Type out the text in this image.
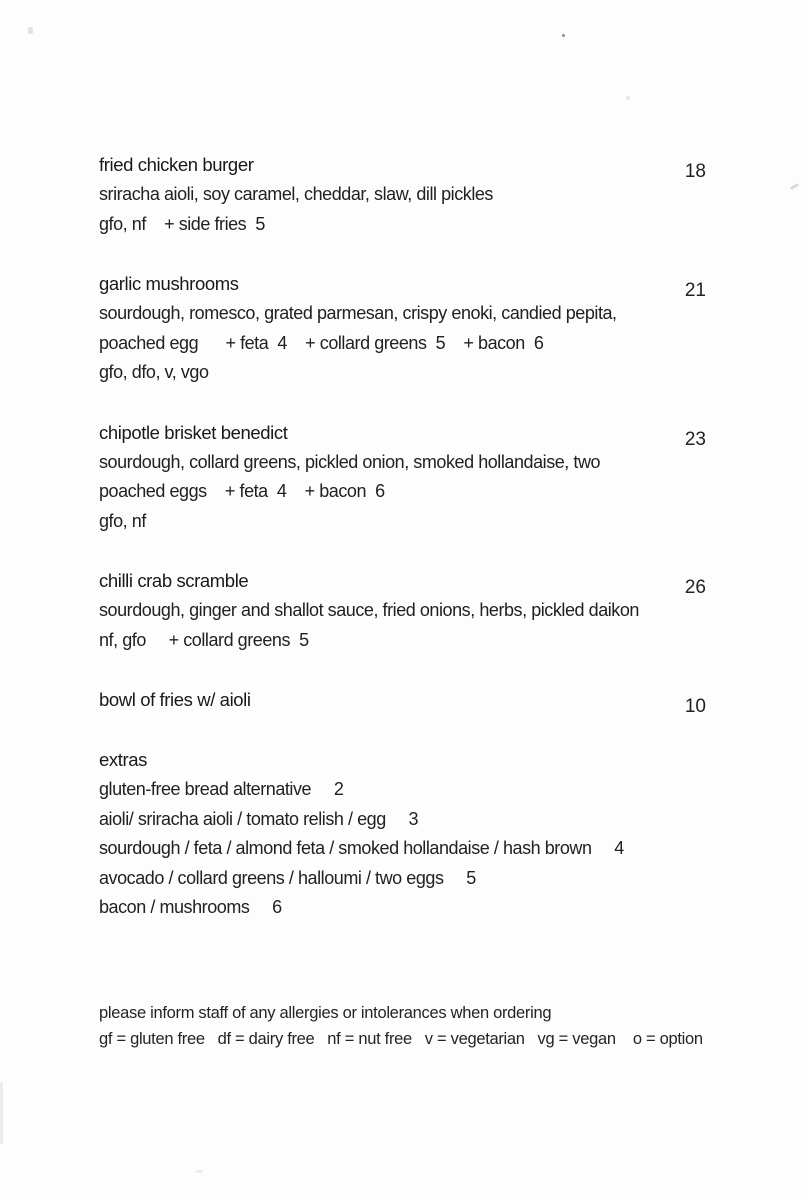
fried chicken burger	18
sriracha aioli, soy caramel, cheddar, slaw, dill pickles
gfo, nf    + side fries  5
garlic mushrooms	21
sourdough, romesco, grated parmesan, crispy enoki, candied pepita,
poached egg      + feta  4    + collard greens  5    + bacon  6
gfo, dfo, v, vgo
chipotle brisket benedict	23
sourdough, collard greens, pickled onion, smoked hollandaise, two
poached eggs    + feta  4    + bacon  6
gfo, nf
chilli crab scramble	26
sourdough, ginger and shallot sauce, fried onions, herbs, pickled daikon
nf, gfo     + collard greens  5
bowl of fries w/ aioli	10
extras
gluten-free bread alternative     2
aioli/ sriracha aioli / tomato relish / egg     3
sourdough / feta / almond feta / smoked hollandaise / hash brown     4
avocado / collard greens / halloumi / two eggs     5
bacon / mushrooms     6
please inform staff of any allergies or intolerances when ordering
gf = gluten free   df = dairy free   nf = nut free   v = vegetarian   vg = vegan    o = option
